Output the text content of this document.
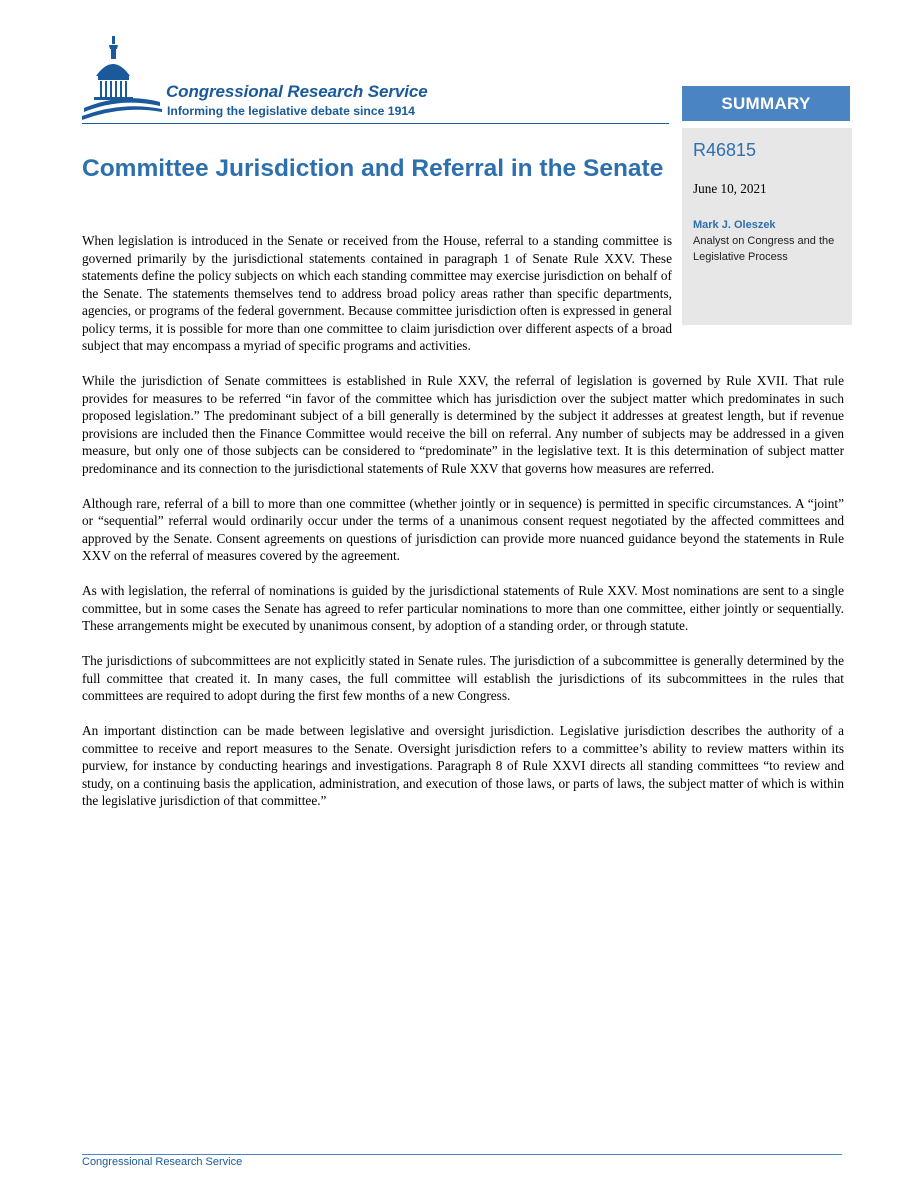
Congressional Research Service
Informing the legislative debate since 1914	SUMMARY
R46815
June 10, 2021
Mark J. Oleszek
Analyst on Congress and the Legislative Process
Committee Jurisdiction and Referral in the Senate

When legislation is introduced in the Senate or received from the House, referral to a standing committee is governed primarily by the jurisdictional statements contained in paragraph 1 of Senate Rule XXV. These statements define the policy subjects on which each standing committee may exercise jurisdiction on behalf of the Senate. The statements themselves tend to address broad policy areas rather than specific departments, agencies, or programs of the federal government. Because committee jurisdiction often is expressed in general policy terms, it is possible for more than one committee to claim jurisdiction over different aspects of a broad subject that may encompass a myriad of specific programs and activities.

While the jurisdiction of Senate committees is established in Rule XXV, the referral of legislation is governed by Rule XVII. That rule provides for measures to be referred “in favor of the committee which has jurisdiction over the subject matter which predominates in such proposed legislation.” The predominant subject of a bill generally is determined by the subject it addresses at greatest length, but if revenue provisions are included then the Finance Committee would receive the bill on referral. Any number of subjects may be addressed in a given measure, but only one of those subjects can be considered to “predominate” in the legislative text. It is this determination of subject matter predominance and its connection to the jurisdictional statements of Rule XXV that governs how measures are referred.

Although rare, referral of a bill to more than one committee (whether jointly or in sequence) is permitted in specific circumstances. A “joint” or “sequential” referral would ordinarily occur under the terms of a unanimous consent request negotiated by the affected committees and approved by the Senate. Consent agreements on questions of jurisdiction can provide more nuanced guidance beyond the statements in Rule XXV on the referral of measures covered by the agreement.

As with legislation, the referral of nominations is guided by the jurisdictional statements of Rule XXV. Most nominations are sent to a single committee, but in some cases the Senate has agreed to refer particular nominations to more than one committee, either jointly or sequentially. These arrangements might be executed by unanimous consent, by adoption of a standing order, or through statute.

The jurisdictions of subcommittees are not explicitly stated in Senate rules. The jurisdiction of a subcommittee is generally determined by the full committee that created it. In many cases, the full committee will establish the jurisdictions of its subcommittees in the rules that committees are required to adopt during the first few months of a new Congress.

An important distinction can be made between legislative and oversight jurisdiction. Legislative jurisdiction describes the authority of a committee to receive and report measures to the Senate. Oversight jurisdiction refers to a committee’s ability to review matters within its purview, for instance by conducting hearings and investigations. Paragraph 8 of Rule XXVI directs all standing committees “to review and study, on a continuing basis the application, administration, and execution of those laws, or parts of laws, the subject matter of which is within the legislative jurisdiction of that committee.”

Congressional Research Service
